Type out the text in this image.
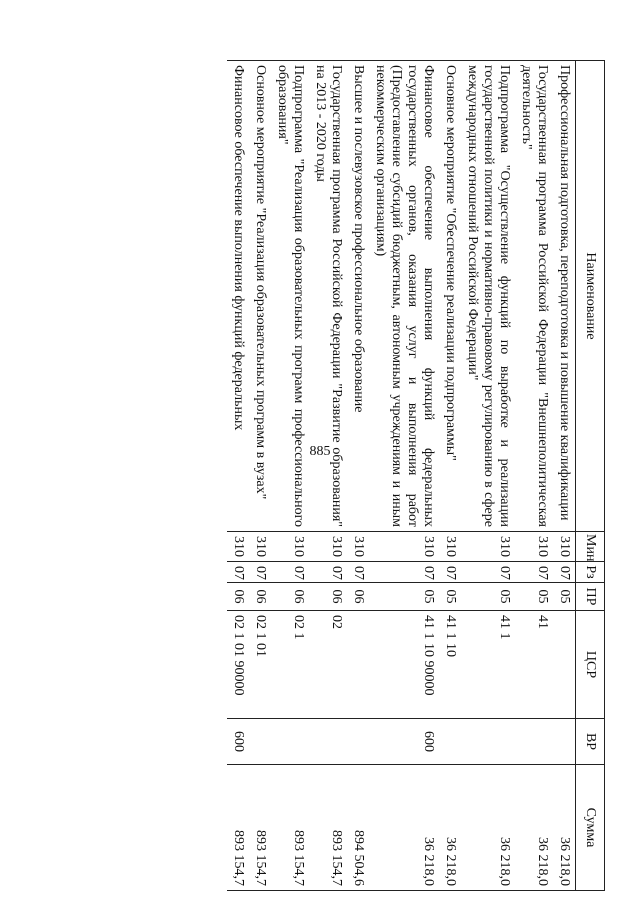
885
Наименование	Мин	Рз	ПР	ЦСР	ВР	Сумма
Профессиональная подготовка, переподготовка и повышение квалификации	310	07	05			36 218,0
Государственная программа Российской Федерации "Внешнеполитическая деятельность"	310	07	05	41		36 218,0
Подпрограмма "Осуществление функций по выработке и реализации государственной политики и нормативно-правовому регулированию в сфере международных отношений Российской Федерации"	310	07	05	41 1		36 218,0
Основное мероприятие "Обеспечение реализации подпрограммы"	310	07	05	41 1 10		36 218,0
Финансовое обеспечение выполнения функций федеральных государственных органов, оказания услуг и выполнения работ (Предоставление субсидий бюджетным, автономным учреждениям и иным некоммерческим организациям)	310	07	05	41 1 10 90000	600	36 218,0
Высшее и послевузовское профессиональное образование	310	07	06			894 504,6
Государственная программа Российской Федерации "Развитие образования" на 2013 - 2020 годы	310	07	06	02		893 154,7
Подпрограмма "Реализация образовательных программ профессионального образования"	310	07	06	02 1		893 154,7
Основное мероприятие "Реализация образовательных программ в вузах"	310	07	06	02 1 01		893 154,7
Финансовое обеспечение выполнения функций федеральных	310	07	06	02 1 01 90000	600	893 154,7
